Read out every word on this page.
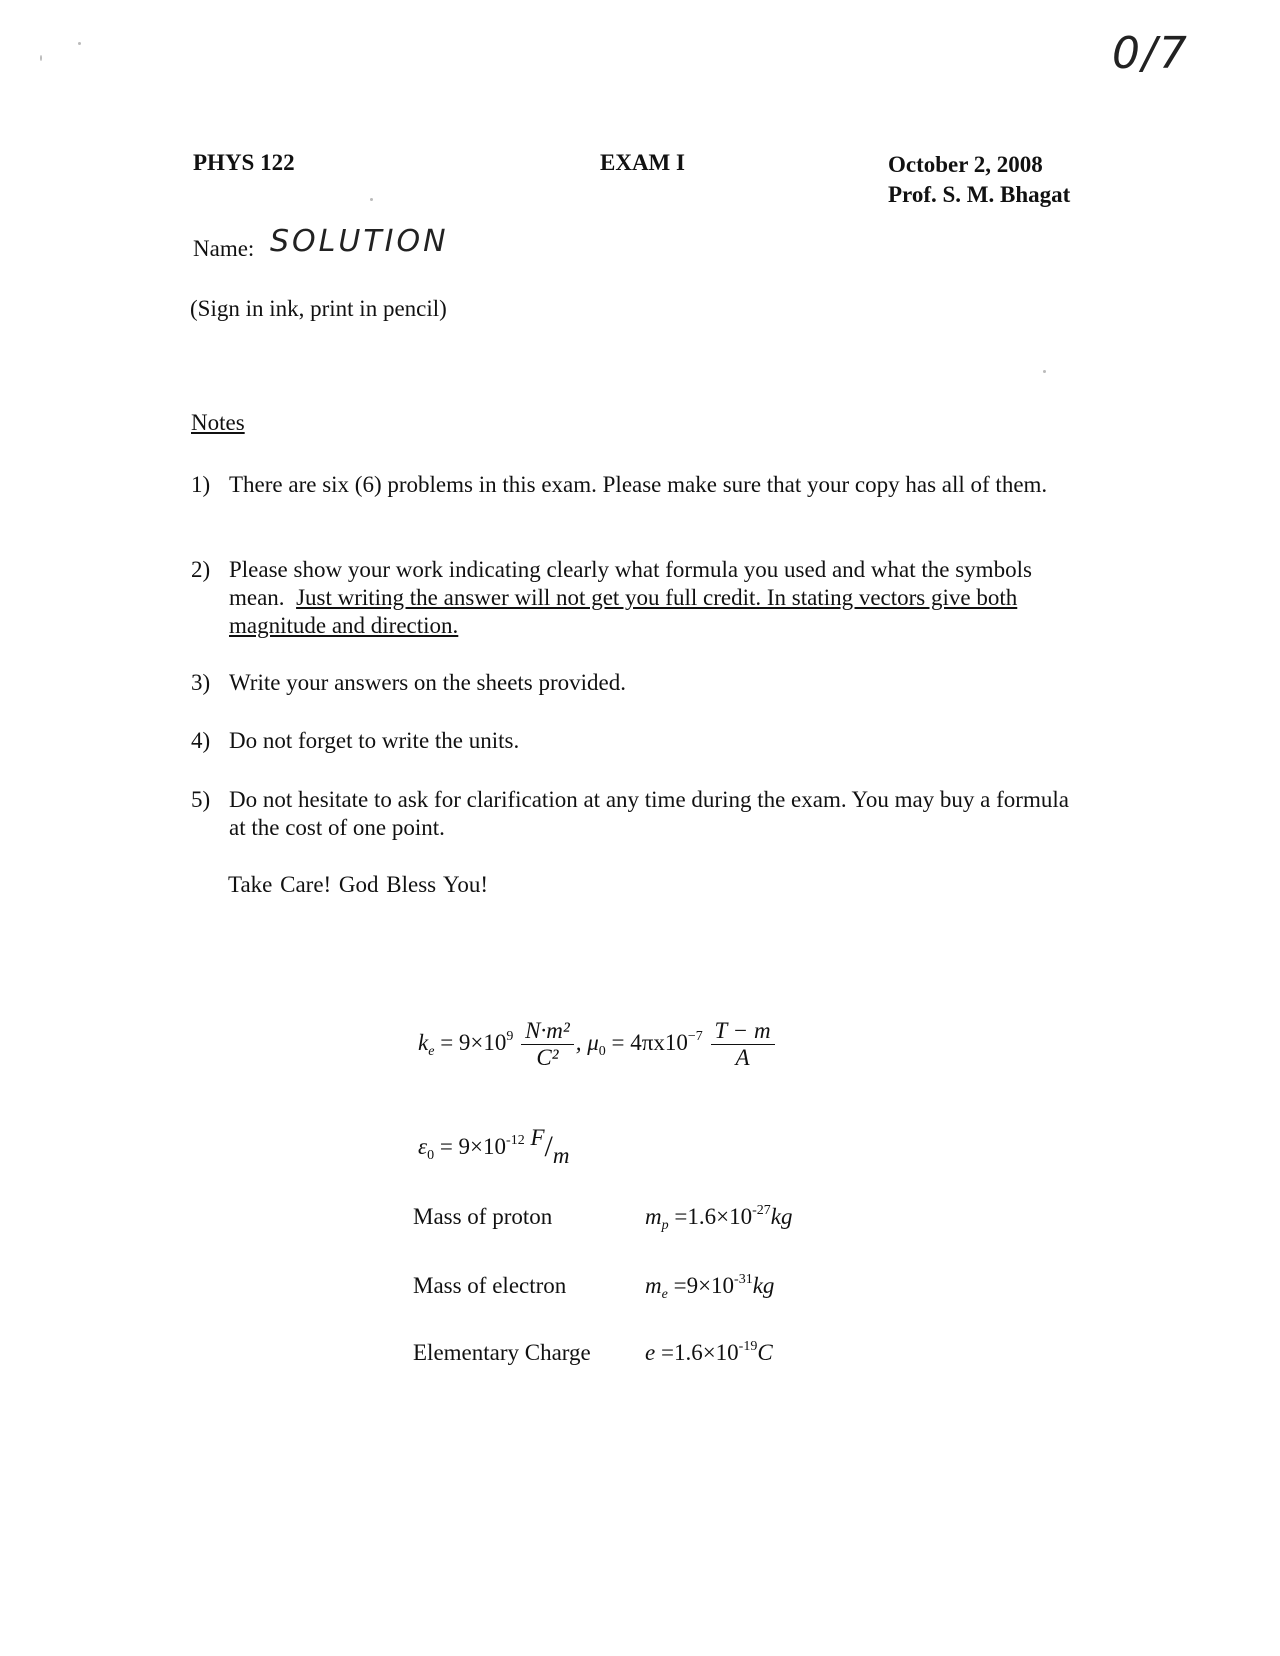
0/7
PHYS 122	EXAM I	October 2, 2008
Prof. S. M. Bhagat
Name: SOLUTION
(Sign in ink, print in pencil)
Notes
1) There are six (6) problems in this exam. Please make sure that your copy has all of them.
2) Please show your work indicating clearly what formula you used and what the symbols mean. Just writing the answer will not get you full credit. In stating vectors give both magnitude and direction.
3) Write your answers on the sheets provided.
4) Do not forget to write the units.
5) Do not hesitate to ask for clarification at any time during the exam. You may buy a formula at the cost of one point.
Take Care! God Bless You!
$k_e = 9\times 10^9 \frac{\text{N·m²}}{\text{C²}}$ , $\mu_0 = 4\pi x10^{-7} \frac{T - m}{A}$
$\varepsilon_0 = 9\times 10^{-12}$ F/m
Mass of proton	$m_p =1.6\times 10^{-27}kg$
Mass of electron	$m_e =9\times 10^{-31}kg$
Elementary Charge $e =1.6\times 10^{-19}C$
